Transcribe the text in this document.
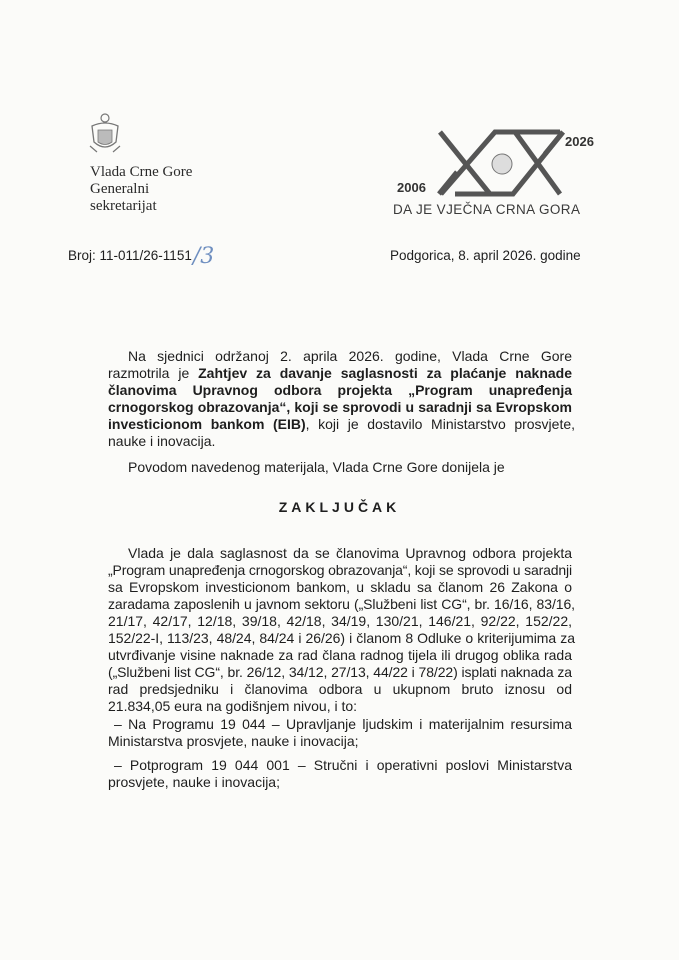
Vlada Crne Gore
Generalni
sekretarijat
2026
2006
DA JE VJEČNA CRNA GORA
Broj: 11-011/26-1151/3	Podgorica, 8. april 2026. godine
Na sjednici održanoj 2. aprila 2026. godine, Vlada Crne Gore
razmotrila je Zahtjev za davanje saglasnosti za plaćanje naknade
članovima Upravnog odbora projekta „Program unapređenja
crnogorskog obrazovanja“, koji se sprovodi u saradnji sa Evropskom
investicionom bankom (EIB), koji je dostavilo Ministarstvo prosvjete,
nauke i inovacija.
Povodom navedenog materijala, Vlada Crne Gore donijela je
ZAKLJUČAK
Vlada je dala saglasnost da se članovima Upravnog odbora projekta
„Program unapređenja crnogorskog obrazovanja“, koji se sprovodi u saradnji
sa Evropskom investicionom bankom, u skladu sa članom 26 Zakona o
zaradama zaposlenih u javnom sektoru („Službeni list CG“, br. 16/16, 83/16,
21/17, 42/17, 12/18, 39/18, 42/18, 34/19, 130/21, 146/21, 92/22, 152/22,
152/22-I, 113/23, 48/24, 84/24 i 26/26) i članom 8 Odluke o kriterijumima za
utvrđivanje visine naknade za rad člana radnog tijela ili drugog oblika rada
(„Službeni list CG“, br. 26/12, 34/12, 27/13, 44/22 i 78/22) isplati naknada za
rad predsjedniku i članovima odbora u ukupnom bruto iznosu od
21.834,05 eura na godišnjem nivou, i to:
– Na Programu 19 044 – Upravljanje ljudskim i materijalnim resursima
Ministarstva prosvjete, nauke i inovacija;
– Potprogram 19 044 001 – Stručni i operativni poslovi Ministarstva
prosvjete, nauke i inovacija;
